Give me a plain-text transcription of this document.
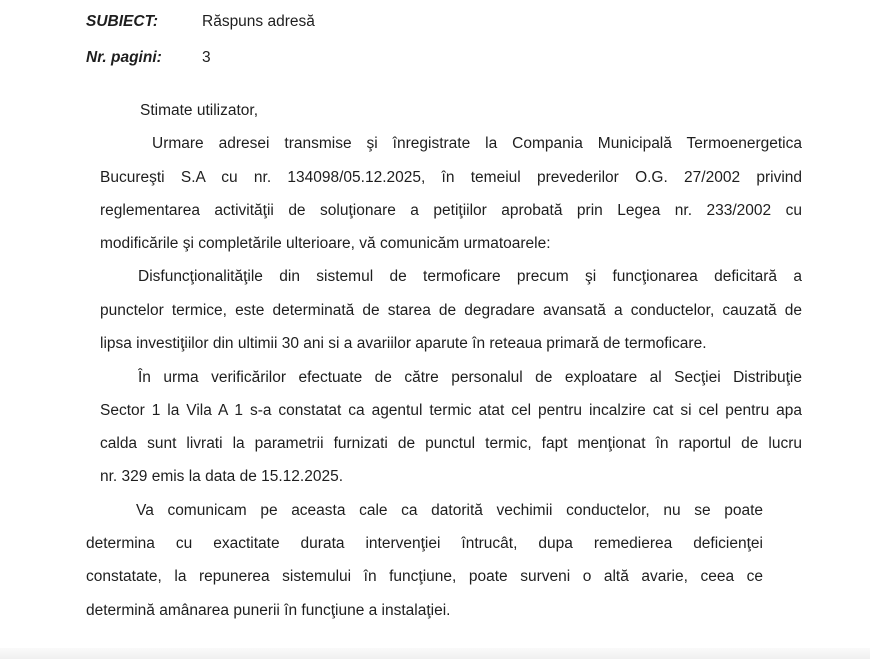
SUBIECT:	Răspuns adresă
Nr. pagini:	3
Stimate utilizator,
Urmare adresei transmise şi înregistrate la Compania Municipală Termoenergetica
Bucureşti S.A cu nr. 134098/05.12.2025, în temeiul prevederilor O.G. 27/2002 privind
reglementarea activităţii de soluţionare a petiţiilor aprobată prin Legea nr. 233/2002 cu
modificările şi completările ulterioare, vă comunicăm urmatoarele:
Disfuncţionalităţile din sistemul de termoficare precum şi funcţionarea deficitară a
punctelor termice, este determinată de starea de degradare avansată a conductelor, cauzată de
lipsa investiţiilor din ultimii 30 ani si a avariilor aparute în reteaua primară de termoficare.
În urma verificărilor efectuate de către personalul de exploatare al Secţiei Distribuţie
Sector 1 la Vila A 1 s-a constatat ca agentul termic atat cel pentru incalzire cat si cel pentru apa
calda sunt livrati la parametrii furnizati de punctul termic, fapt menţionat în raportul de lucru
nr. 329 emis la data de 15.12.2025.
Va comunicam pe aceasta cale ca datorită vechimii conductelor, nu se poate
determina cu exactitate durata intervenţiei întrucât, dupa remedierea deficienţei
constatate, la repunerea sistemului în funcţiune, poate surveni o altă avarie, ceea ce
determină amânarea punerii în funcţiune a instalaţiei.
